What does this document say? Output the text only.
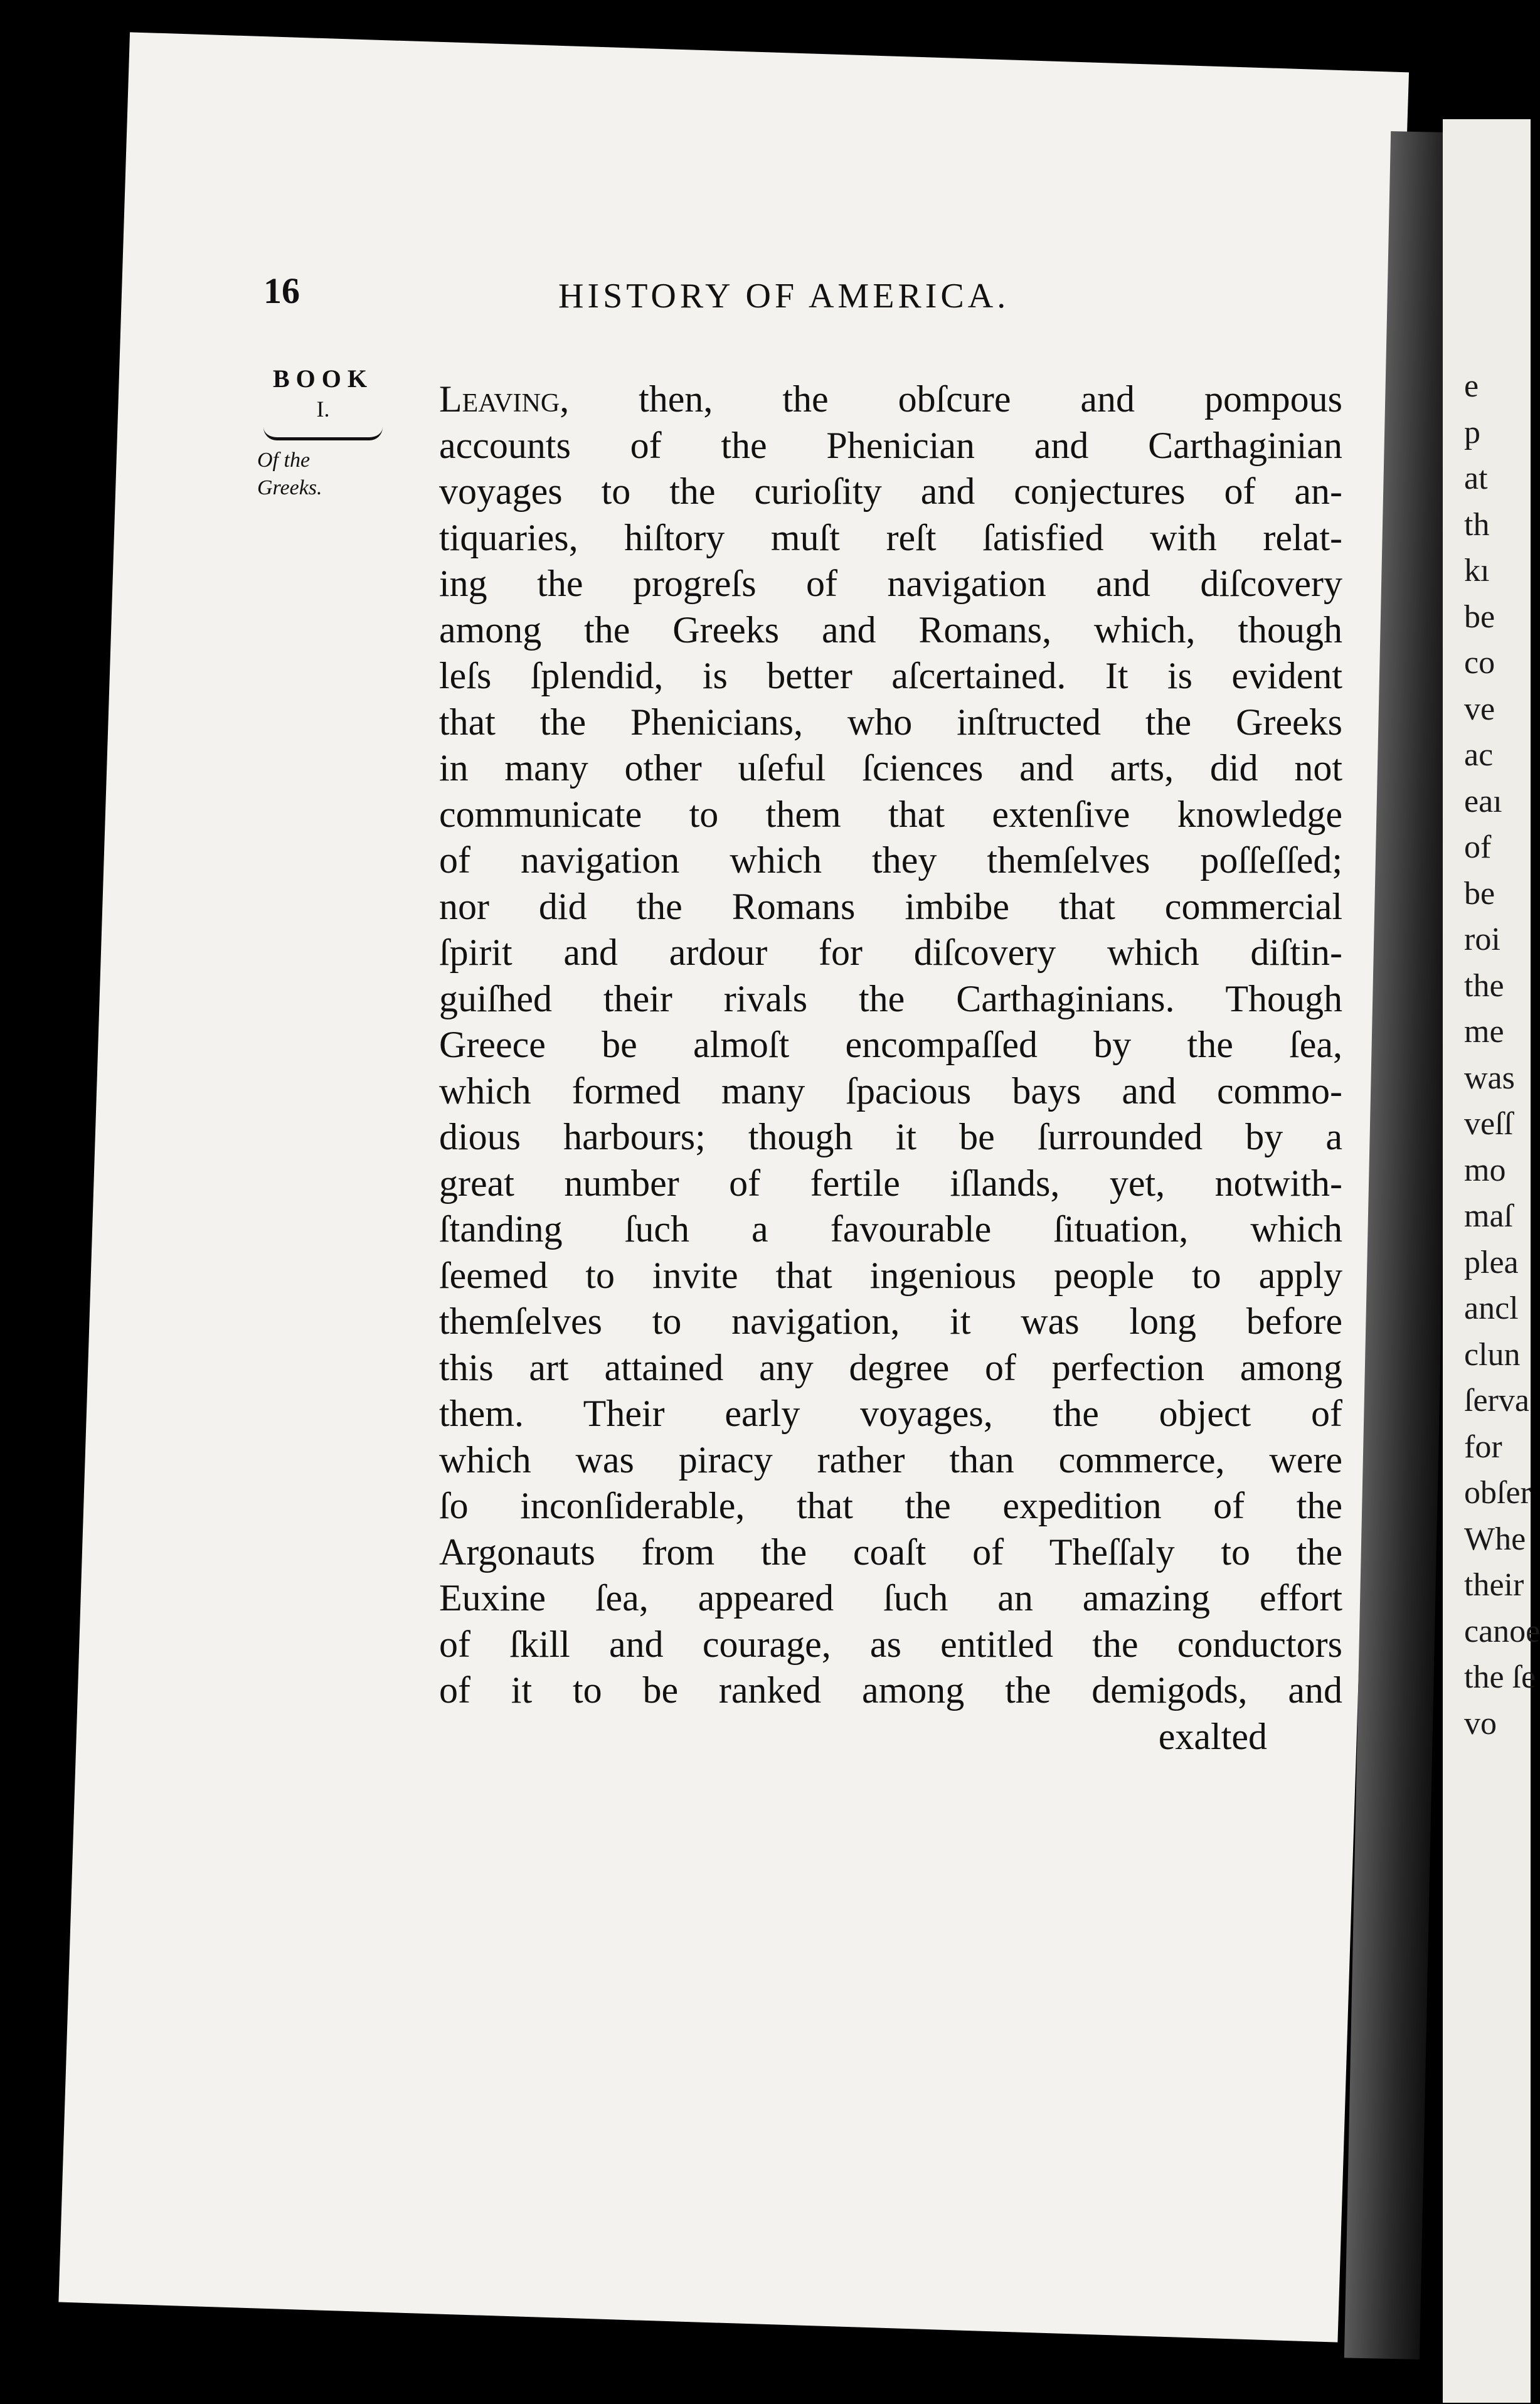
e
p
at
th
kı
be
co
ve
ac
eaı
of
be
roi
the
me
was
veſſ
mo
maſ
plea
ancl
clun
ſerva
for
obſer
Whe
their
canoe
the ſe
vo
16	HISTORY OF AMERICA.
BOOK
I.
Of the
Greeks.
Leaving, then, the obſcure and pompous
accounts of the Phenician and Carthaginian
voyages to the curioſity and conjectures of an-
tiquaries, hiſtory muſt reſt ſatisfied with relat-
ing the progreſs of navigation and diſcovery
among the Greeks and Romans, which, though
leſs ſplendid, is better aſcertained. It is evident
that the Phenicians, who inſtructed the Greeks
in many other uſeful ſciences and arts, did not
communicate to them that extenſive knowledge
of navigation which they themſelves poſſeſſed;
nor did the Romans imbibe that commercial
ſpirit and ardour for diſcovery which diſtin-
guiſhed their rivals the Carthaginians. Though
Greece be almoſt encompaſſed by the ſea,
which formed many ſpacious bays and commo-
dious harbours; though it be ſurrounded by a
great number of fertile iſlands, yet, notwith-
ſtanding ſuch a favourable ſituation, which
ſeemed to invite that ingenious people to apply
themſelves to navigation, it was long before
this art attained any degree of perfection among
them. Their early voyages, the object of
which was piracy rather than commerce, were
ſo inconſiderable, that the expedition of the
Argonauts from the coaſt of Theſſaly to the
Euxine ſea, appeared ſuch an amazing effort
of ſkill and courage, as entitled the conductors
of it to be ranked among the demigods, and
exalted
